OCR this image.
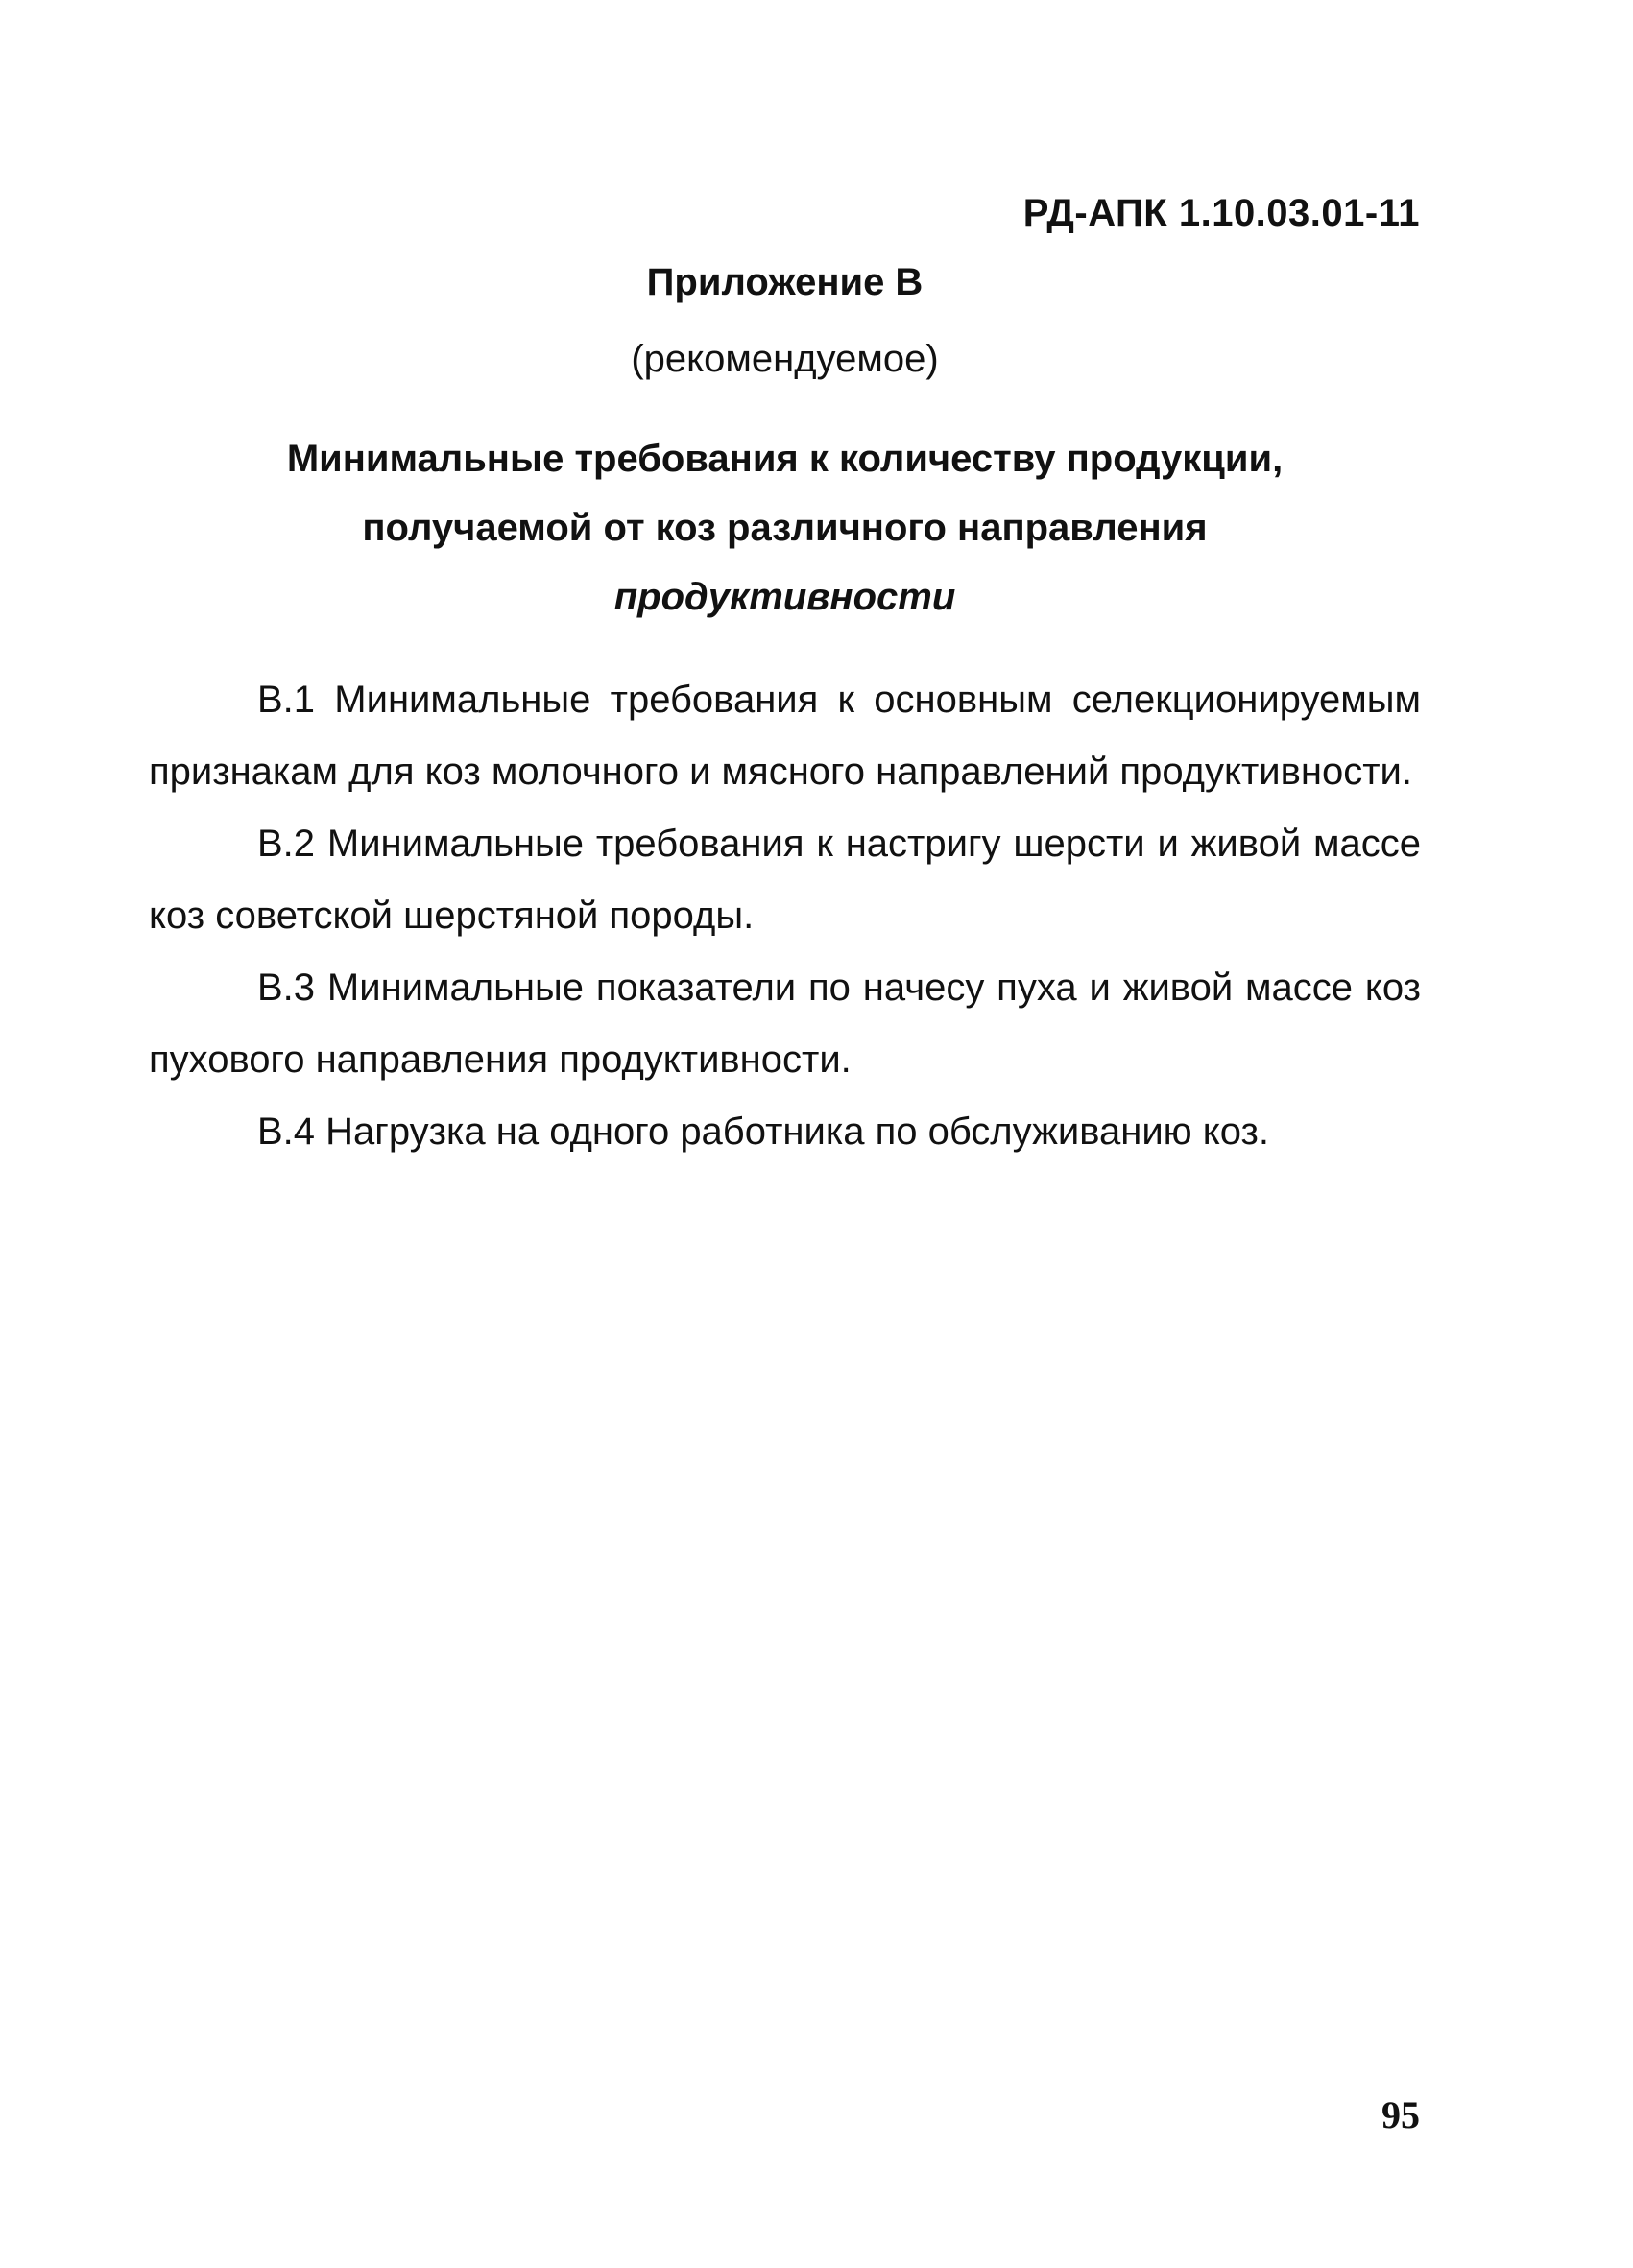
РД-АПК 1.10.03.01-11
Приложение В
(рекомендуемое)
Минимальные требования к количеству продукции,
получаемой от коз различного направления
продуктивности

В.1 Минимальные требования к основным селекционируемым признакам для коз молочного и мясного направлений продуктивности.

В.2 Минимальные требования к настригу шерсти и живой массе коз советской шерстяной породы.

В.3 Минимальные показатели по начесу пуха и живой массе коз пухового направления продуктивности.

В.4 Нагрузка на одного работника по обслуживанию коз.

95
